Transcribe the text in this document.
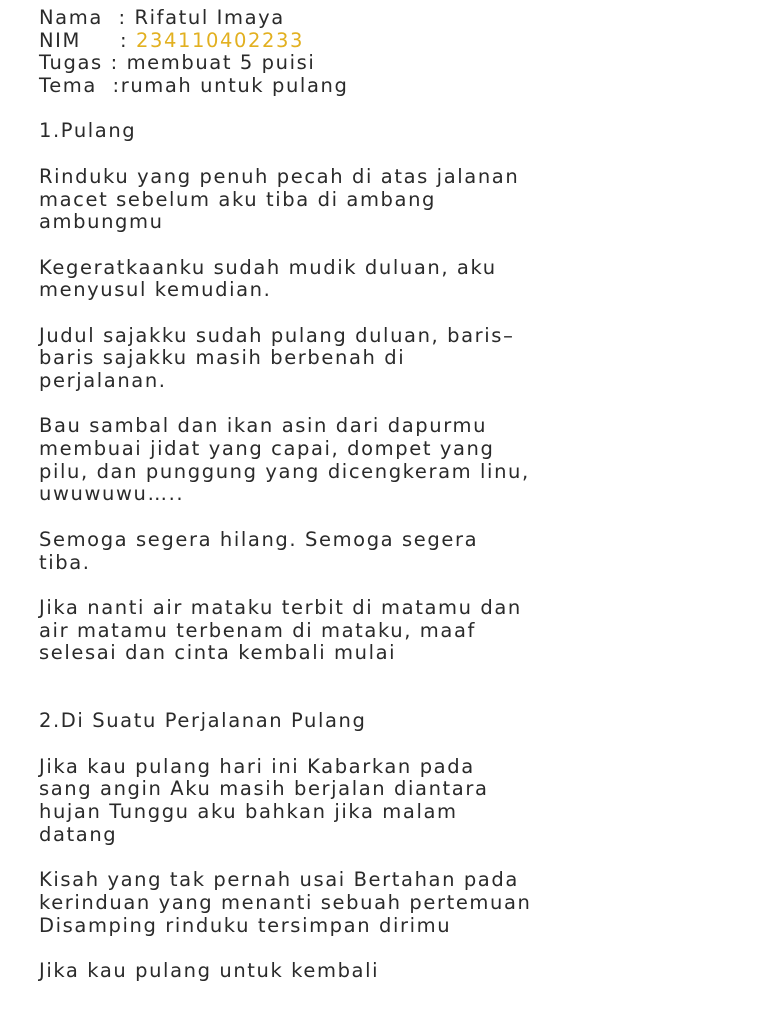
Nama  : Rifatul Imaya
NIM     : 234110402233
Tugas : membuat 5 puisi
Tema  :rumah untuk pulang
1.Pulang
Rinduku yang penuh pecah di atas jalanan
macet sebelum aku tiba di ambang
ambungmu
Kegeratkaanku sudah mudik duluan, aku
menyusul kemudian.
Judul sajakku sudah pulang duluan, baris–
baris sajakku masih berbenah di
perjalanan.
Bau sambal dan ikan asin dari dapurmu
membuai jidat yang capai, dompet yang
pilu, dan punggung yang dicengkeram linu,
uwuwuwu…..
Semoga segera hilang. Semoga segera
tiba.
Jika nanti air mataku terbit di matamu dan
air matamu terbenam di mataku, maaf
selesai dan cinta kembali mulai
2.Di Suatu Perjalanan Pulang
Jika kau pulang hari ini Kabarkan pada
sang angin Aku masih berjalan diantara
hujan Tunggu aku bahkan jika malam
datang
Kisah yang tak pernah usai Bertahan pada
kerinduan yang menanti sebuah pertemuan
Disamping rinduku tersimpan dirimu
Jika kau pulang untuk kembali
